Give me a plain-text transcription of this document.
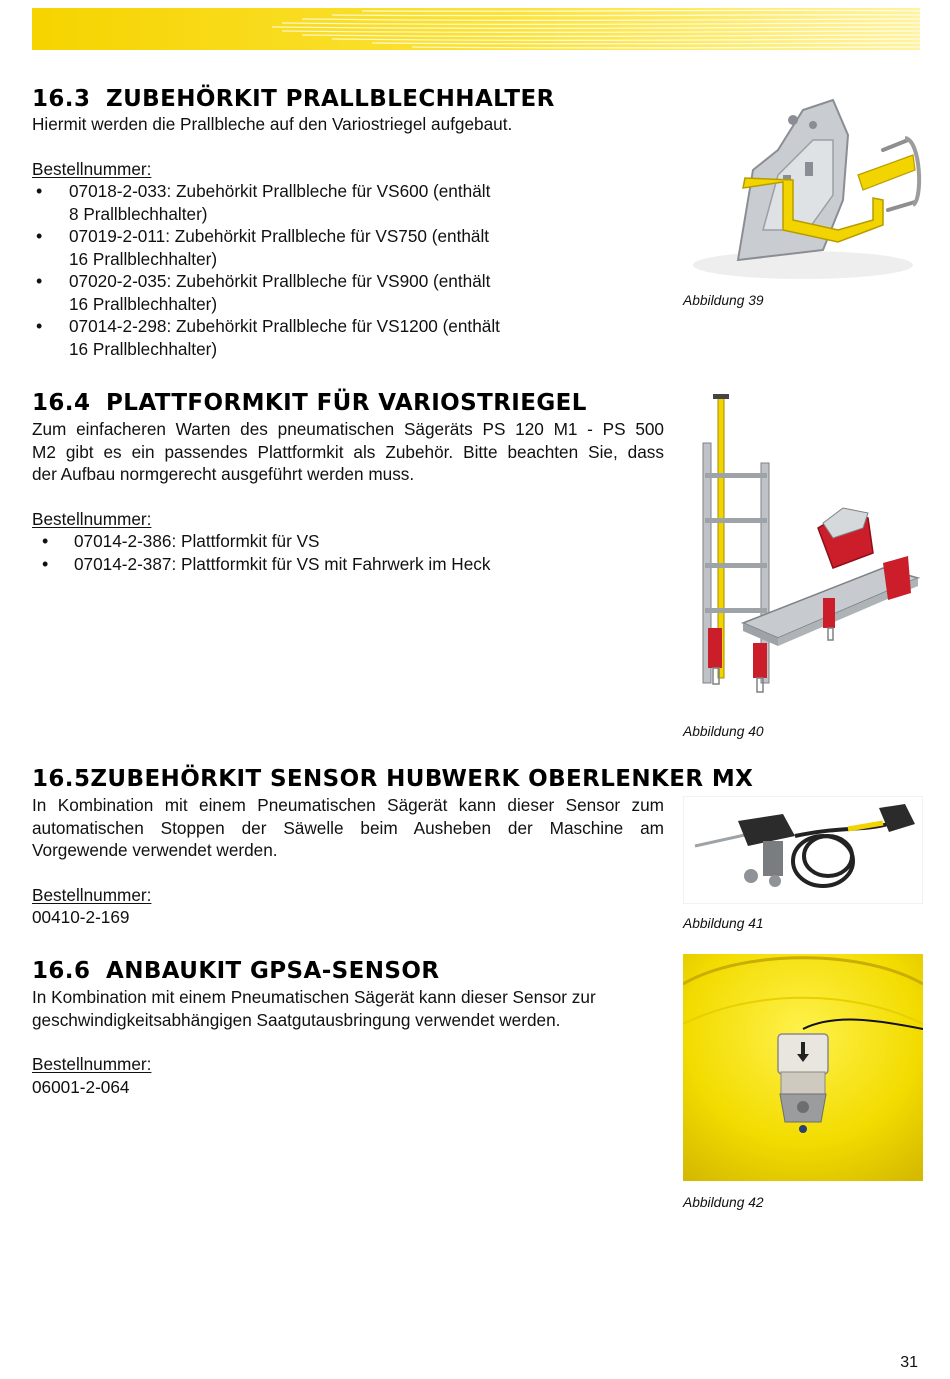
16.3 ZUBEHÖRKIT PRALLBLECHHALTER
Hiermit werden die Prallbleche auf den Variostriegel aufgebaut.
Bestellnummer:
• 07018-2-033: Zubehörkit Prallbleche für VS600 (enthält
8 Prallblechhalter)
• 07019-2-011: Zubehörkit Prallbleche für VS750 (enthält
16 Prallblechhalter)
• 07020-2-035: Zubehörkit Prallbleche für VS900 (enthält
16 Prallblechhalter)
• 07014-2-298: Zubehörkit Prallbleche für VS1200 (enthält
16 Prallblechhalter)
Abbildung 39
16.4 PLATTFORMKIT FÜR VARIOSTRIEGEL
Zum einfacheren Warten des pneumatischen Sägeräts PS 120 M1 - PS 500
M2 gibt es ein passendes Plattformkit als Zubehör. Bitte beachten Sie, dass
der Aufbau normgerecht ausgeführt werden muss.
Bestellnummer:
• 07014-2-386: Plattformkit für VS
• 07014-2-387: Plattformkit für VS mit Fahrwerk im Heck
Abbildung 40
16.5 ZUBEHÖRKIT SENSOR HUBWERK OBERLENKER MX
In Kombination mit einem Pneumatischen Sägerät kann dieser Sensor zum
automatischen Stoppen der Säwelle beim Ausheben der Maschine am
Vorgewende verwendet werden.
Bestellnummer:
00410-2-169	Abbildung 41
16.6 ANBAUKIT GPSA-SENSOR
In Kombination mit einem Pneumatischen Sägerät kann dieser Sensor zur
geschwindigkeitsabhängigen Saatgutausbringung verwendet werden.
Bestellnummer:
06001-2-064
Abbildung 42
31
